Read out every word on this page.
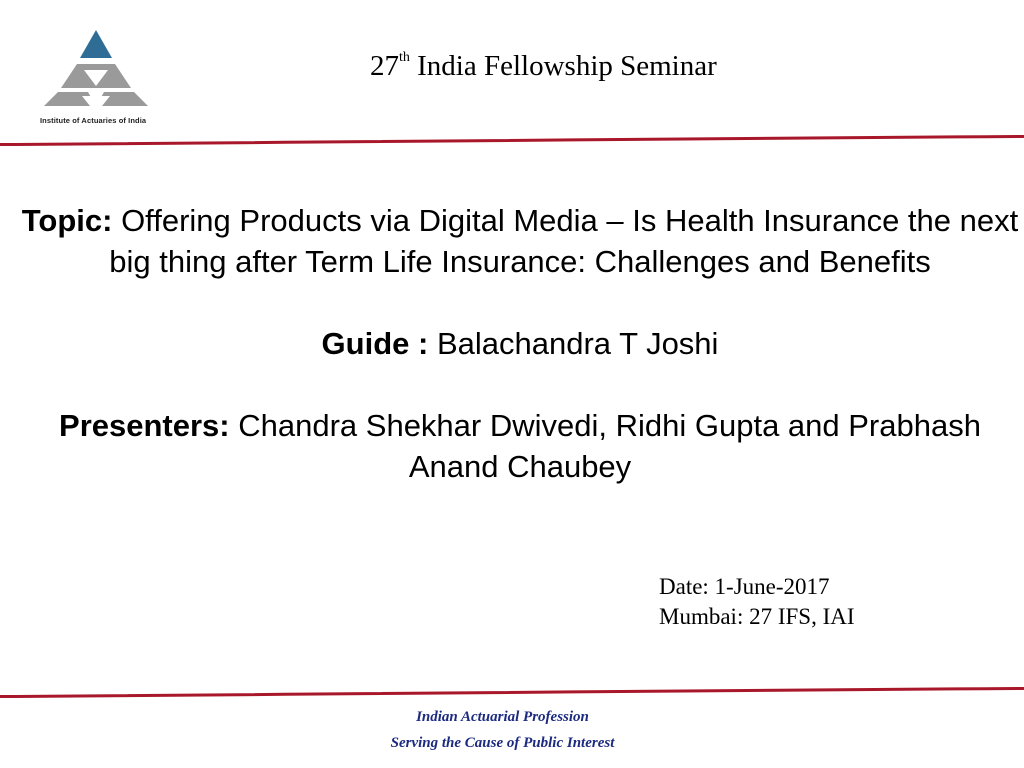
Institute of Actuaries of India
27th India Fellowship Seminar

Topic: Offering Products via Digital Media – Is Health Insurance the next big thing after Term Life Insurance: Challenges and Benefits

Guide : Balachandra T Joshi

Presenters: Chandra Shekhar Dwivedi, Ridhi Gupta and Prabhash Anand Chaubey

Date: 1-June-2017
Mumbai: 27 IFS, IAI
Indian Actuarial Profession
Serving the Cause of Public Interest
